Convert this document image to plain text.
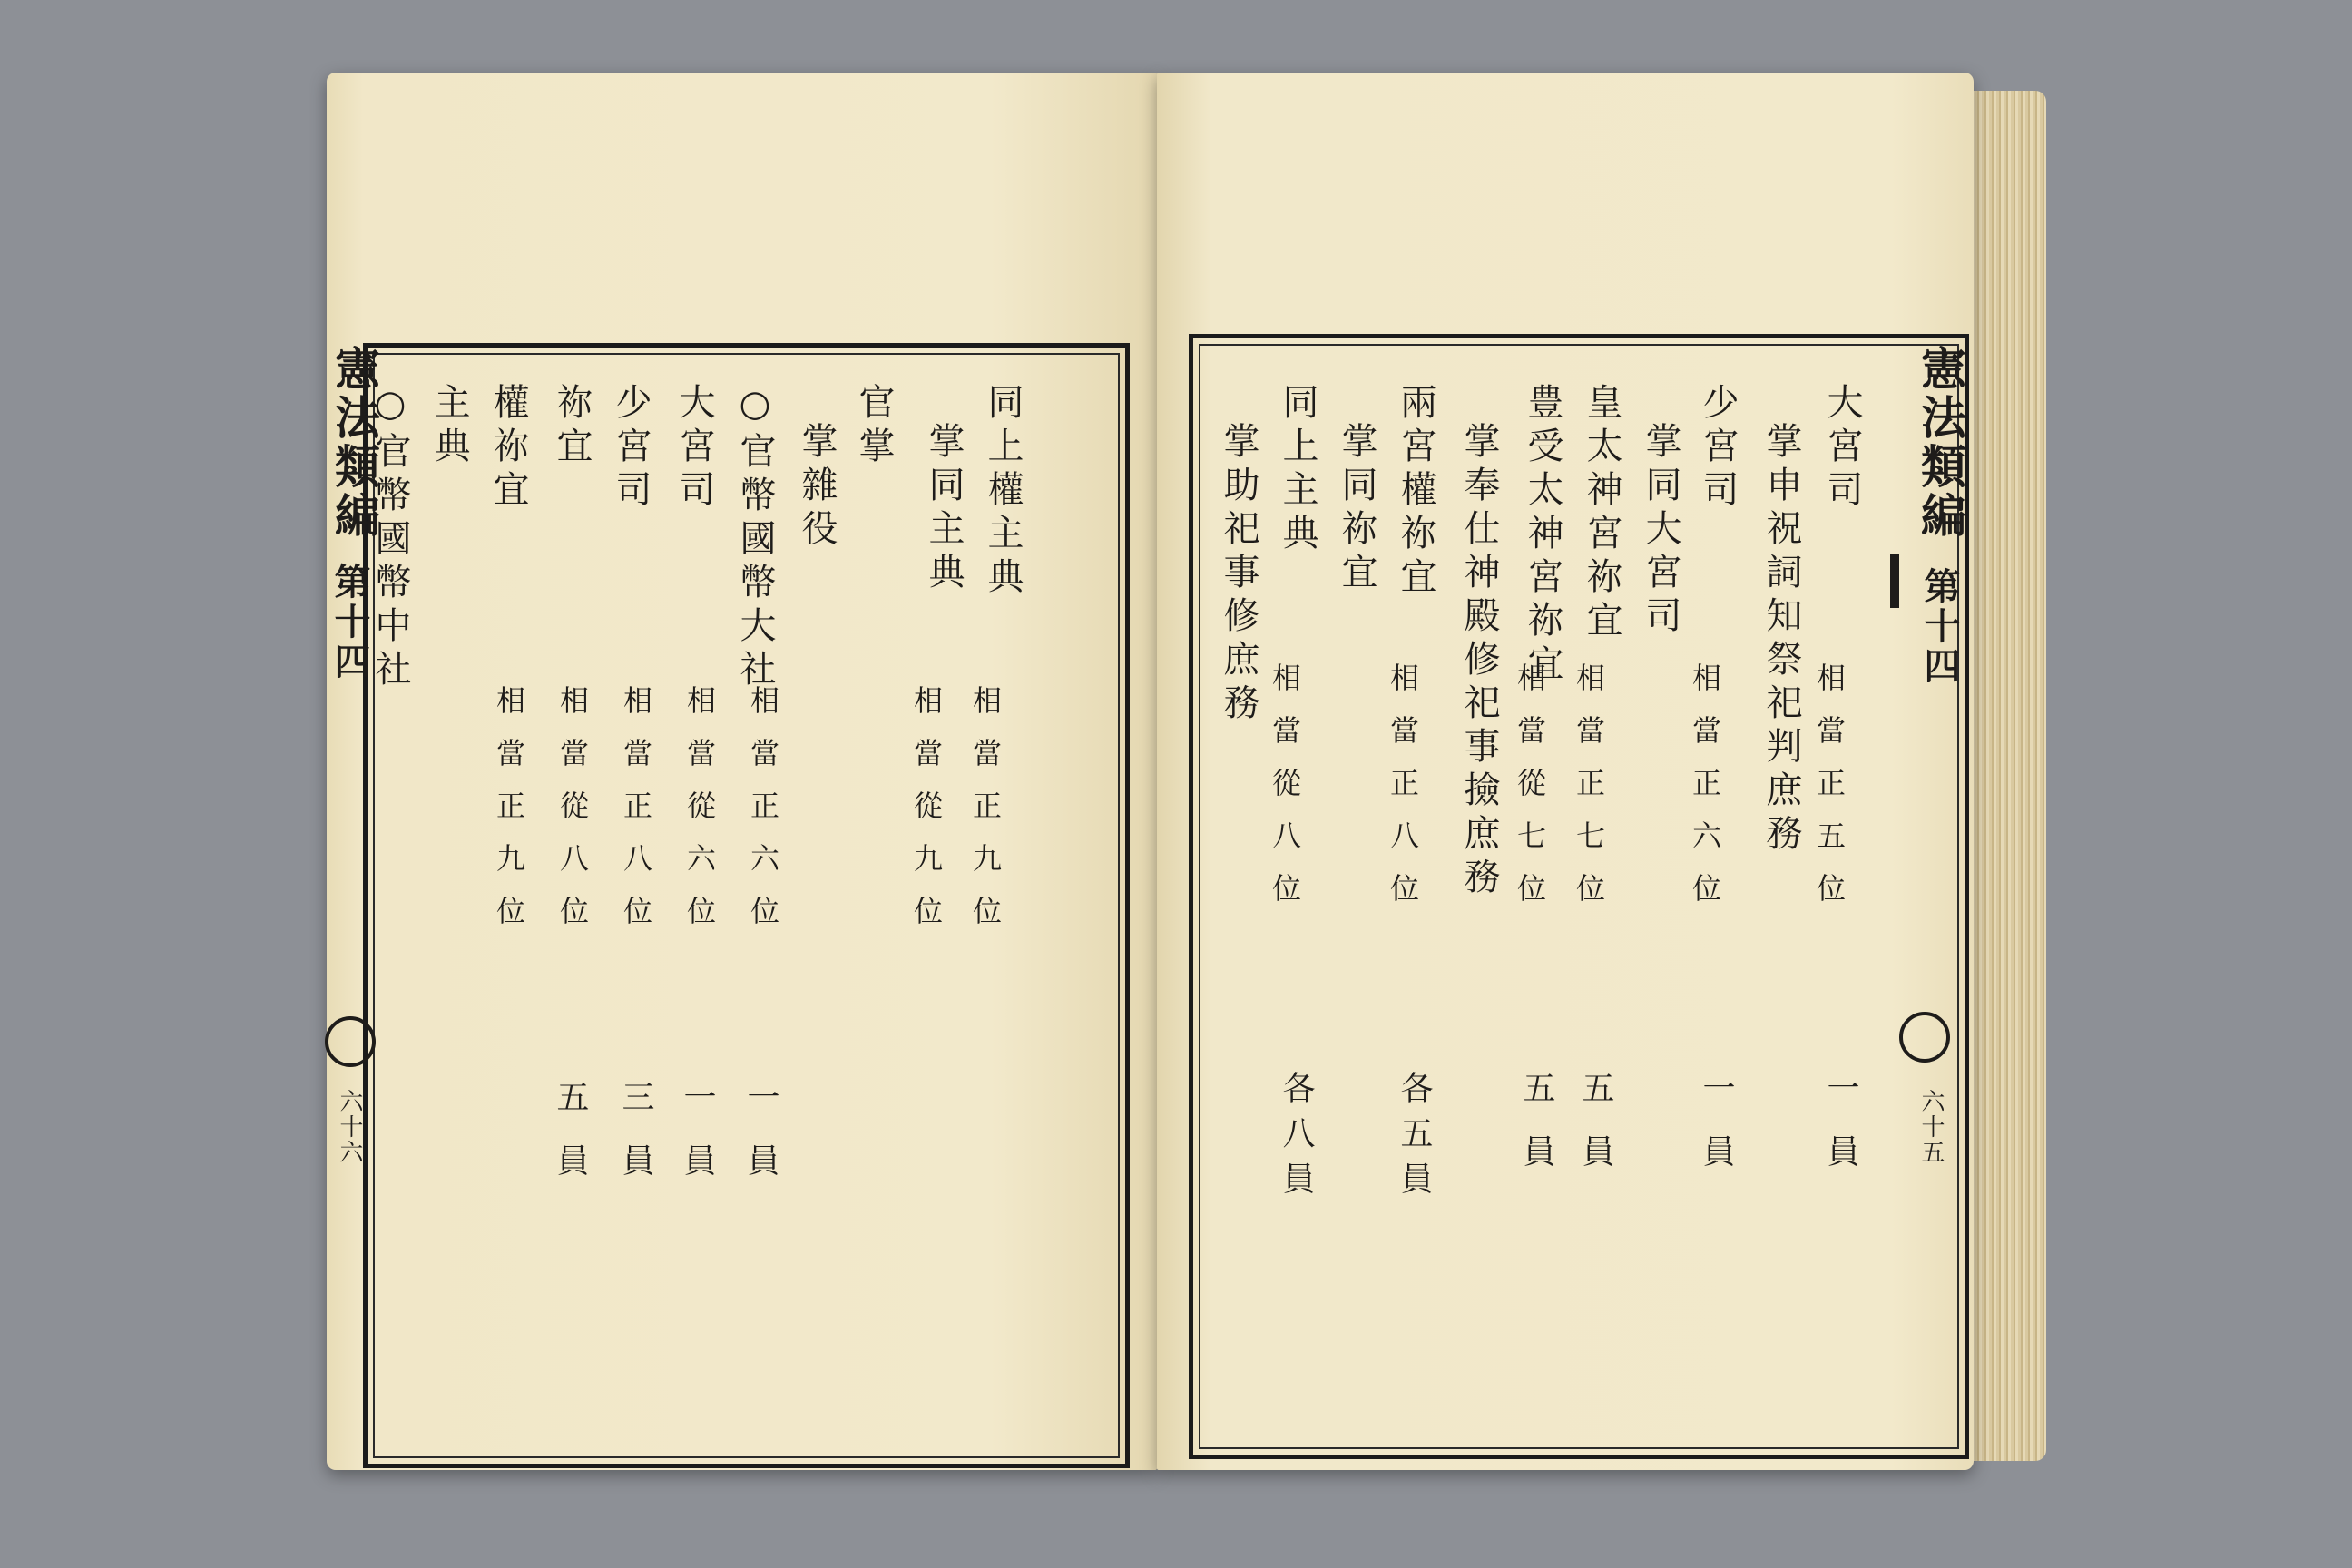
憲法類編
第十四
六十六
同上權主典
掌同主典
官掌
掌雜役
○官幣國幣大社
大宮司
少宮司
祢宜
權祢宜
主典
○官幣國幣中社
相當正九位
相當從九位
相當正六位
相當從六位
相當正八位
相當從八位
相當正九位
一員
一員
三員
五員
憲法類編
第十四
六十五
大宮司
掌申祝詞知祭祀判庶務
少宮司
掌同大宮司
皇太神宮祢宜
豊受太神宮祢宜
掌奉仕神殿修祀事撿庶務
兩宮權祢宜
掌同祢宜
同上主典
掌助祀事修庶務
相當正五位
相當正六位
相當正七位
相當從七位
相當正八位
相當從八位
一員
一員
五員
五員
各五員
各八員
